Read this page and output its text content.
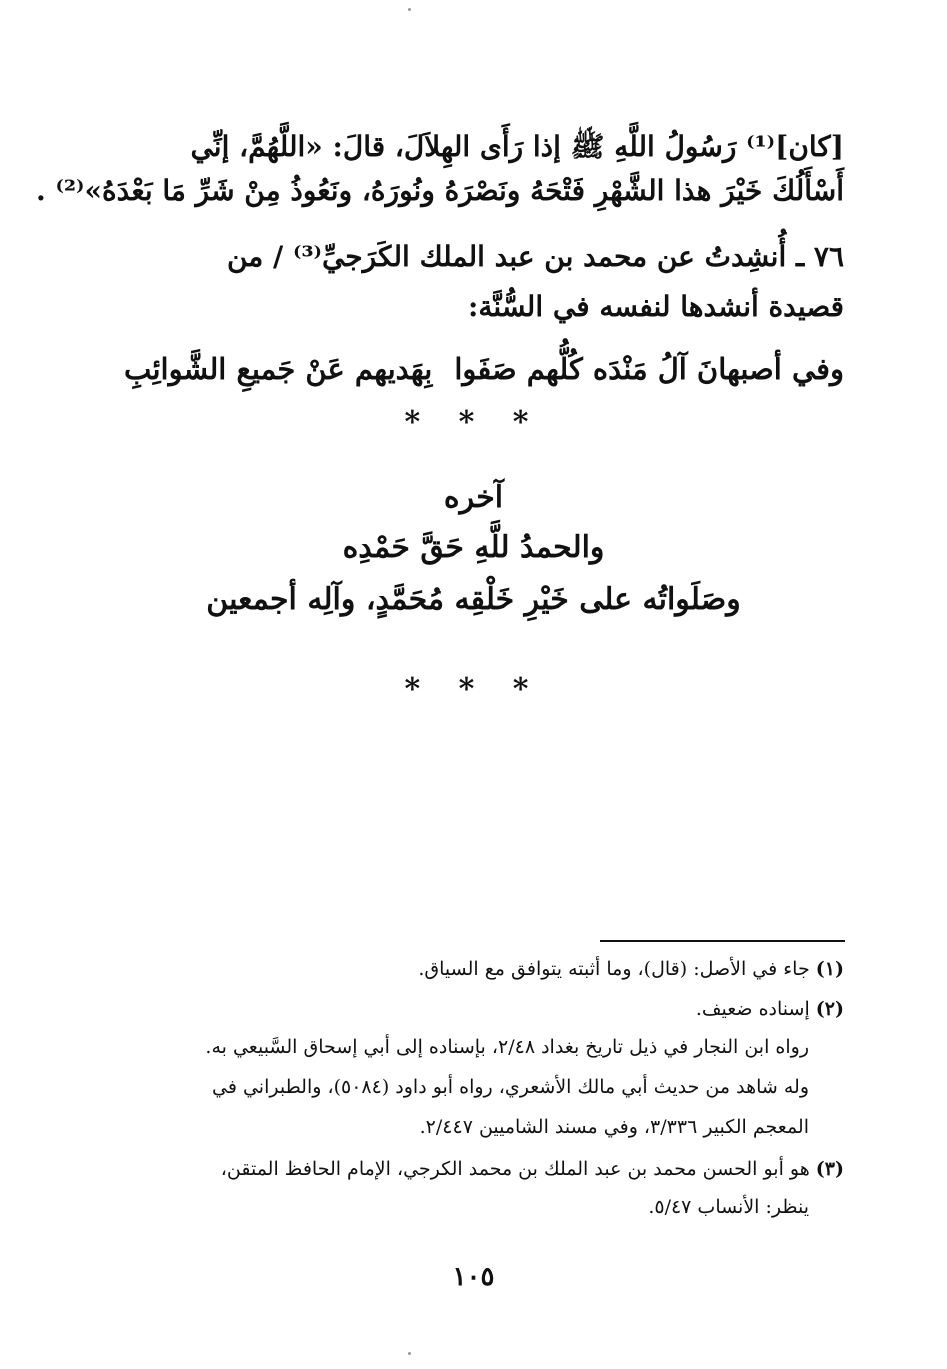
[كان]⁽¹⁾ رَسُولُ اللَّهِ ﷺ إذا رَأَى الهِلاَلَ، قالَ: «اللَّهُمَّ، إنِّي
أَسْأَلُكَ خَيْرَ هذا الشَّهْرِ فَتْحَهُ ونَصْرَهُ ونُورَهُ، ونَعُوذُ مِنْ شَرِّ مَا بَعْدَهُ»⁽²⁾ .
٧٦ ـ أُنشِدتُ عن محمد بن عبد الملك الكَرَجيِّ⁽³⁾ / من
قصيدة أنشدها لنفسه في السُّنَّة:
وفي أصبهانَ آلُ مَنْدَه كُلُّهم صَفَوا
بِهَديهم عَنْ جَميعِ الشَّوائِبِ
* * *
آخره
والحمدُ للَّهِ حَقَّ حَمْدِه
وصَلَواتُه على خَيْرِ خَلْقِه مُحَمَّدٍ، وآلِه أجمعين
* * *
(١) جاء في الأصل: (قال)، وما أثبته يتوافق مع السياق.
(٢) إسناده ضعيف.
رواه ابن النجار في ذيل تاريخ بغداد ٢/٤٨، بإسناده إلى أبي إسحاق السَّبيعي به.
وله شاهد من حديث أبي مالك الأشعري، رواه أبو داود (٥٠٨٤)، والطبراني في
المعجم الكبير ٣/٣٣٦، وفي مسند الشاميين ٢/٤٤٧.
(٣) هو أبو الحسن محمد بن عبد الملك بن محمد الكرجي، الإمام الحافظ المتقن،
ينظر: الأنساب ٥/٤٧.
١٠٥
